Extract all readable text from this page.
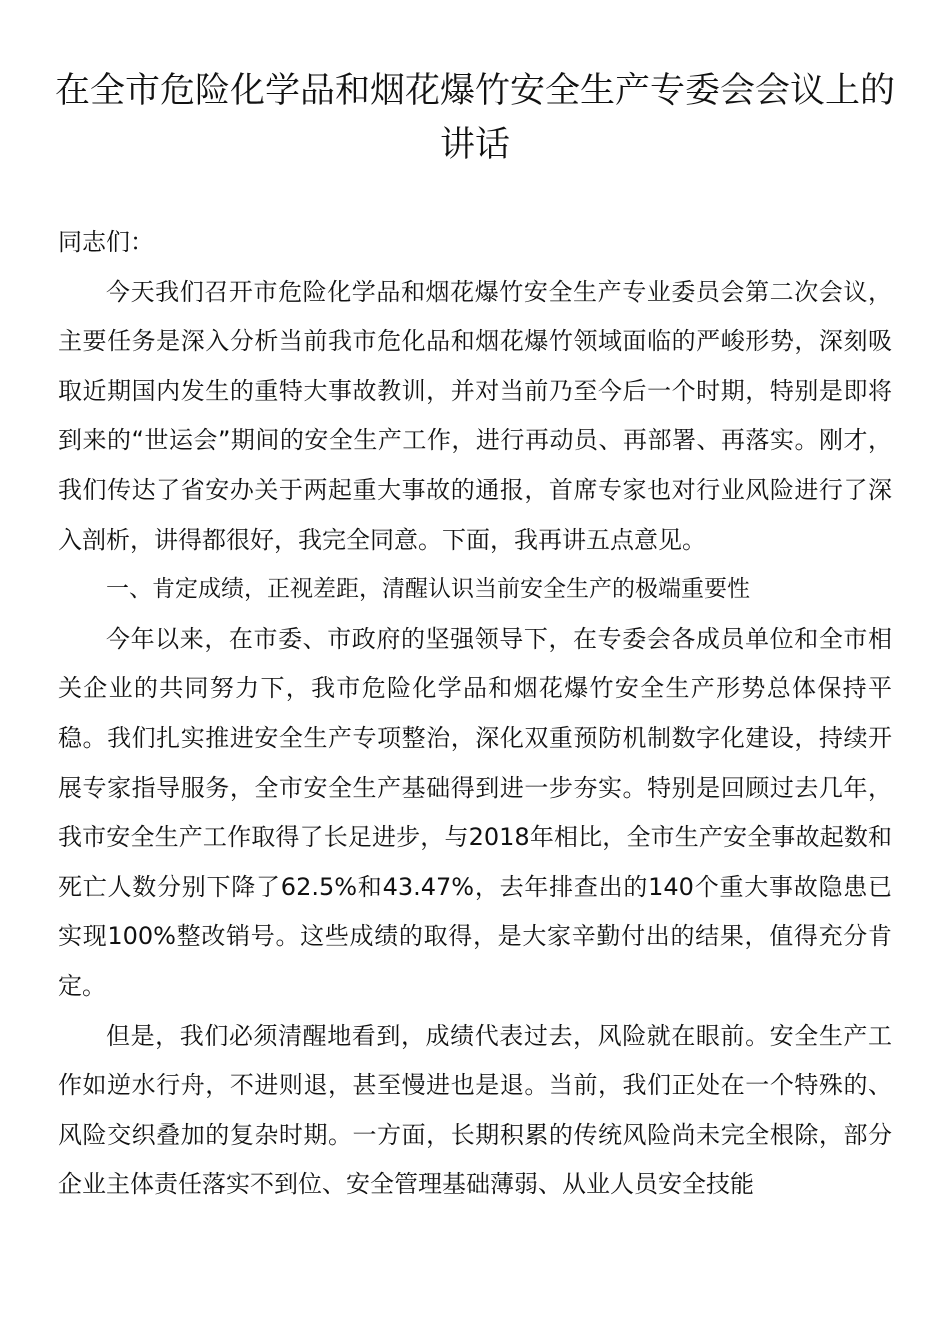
在全市危险化学品和烟花爆竹安全生产专委会会议上的讲话

同志们：

今天我们召开市危险化学品和烟花爆竹安全生产专业委员会第二次会议，主要任务是深入分析当前我市危化品和烟花爆竹领域面临的严峻形势，深刻吸取近期国内发生的重特大事故教训，并对当前乃至今后一个时期，特别是即将到来的“世运会”期间的安全生产工作，进行再动员、再部署、再落实。刚才，我们传达了省安办关于两起重大事故的通报，首席专家也对行业风险进行了深入剖析，讲得都很好，我完全同意。下面，我再讲五点意见。

一、肯定成绩，正视差距，清醒认识当前安全生产的极端重要性

今年以来，在市委、市政府的坚强领导下，在专委会各成员单位和全市相关企业的共同努力下，我市危险化学品和烟花爆竹安全生产形势总体保持平稳。我们扎实推进安全生产专项整治，深化双重预防机制数字化建设，持续开展专家指导服务，全市安全生产基础得到进一步夯实。特别是回顾过去几年，我市安全生产工作取得了长足进步，与2018年相比，全市生产安全事故起数和死亡人数分别下降了62.5%和43.47%，去年排查出的140个重大事故隐患已实现100%整改销号。这些成绩的取得，是大家辛勤付出的结果，值得充分肯定。

但是，我们必须清醒地看到，成绩代表过去，风险就在眼前。安全生产工作如逆水行舟，不进则退，甚至慢进也是退。当前，我们正处在一个特殊的、风险交织叠加的复杂时期。一方面，长期积累的传统风险尚未完全根除，部分企业主体责任落实不到位、安全管理基础薄弱、从业人员安全技能
